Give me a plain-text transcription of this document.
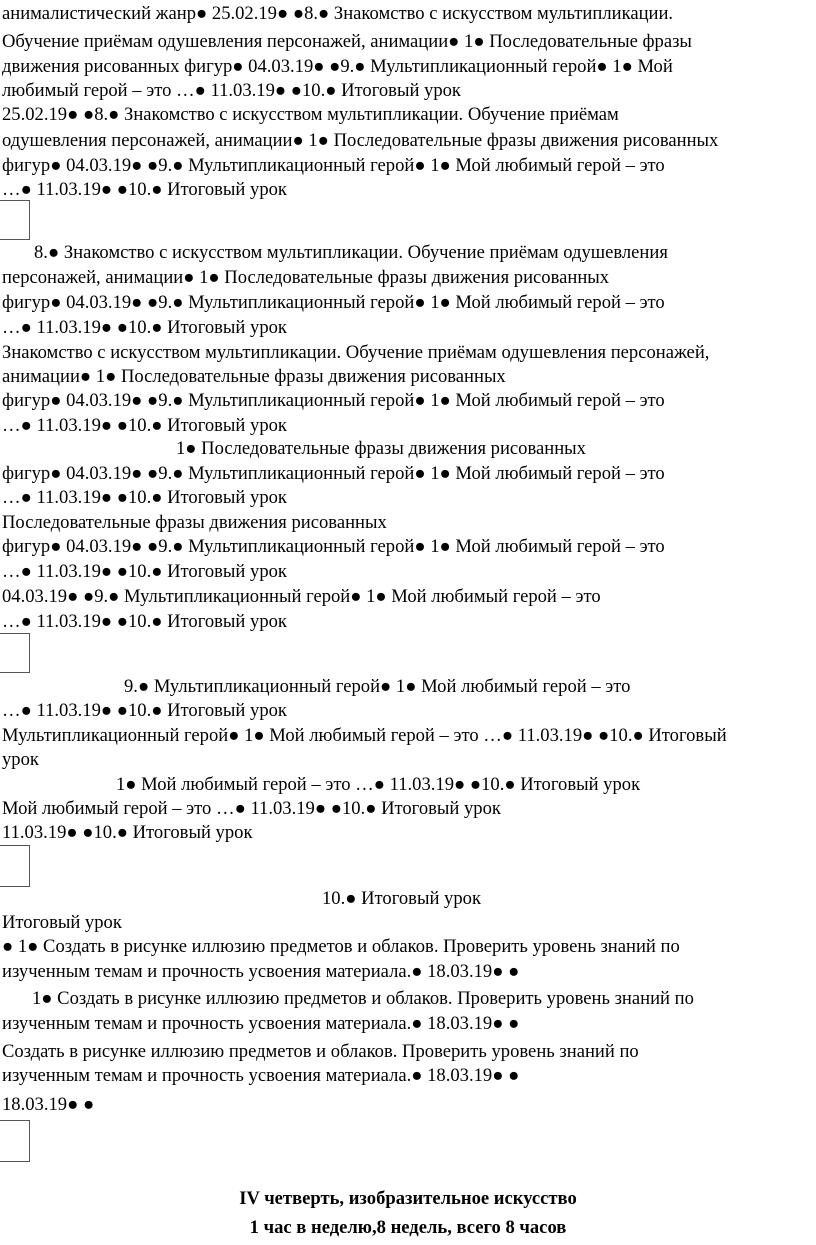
анималистический жанр● 25.02.19● ●8.● Знакомство с искусством мультипликации.
Обучение приёмам одушевления персонажей, анимации● 1● Последовательные фразы
движения рисованных фигур● 04.03.19● ●9.● Мультипликационный герой● 1● Мой
любимый герой – это …● 11.03.19● ●10.● Итоговый урок
25.02.19● ●8.● Знакомство с искусством мультипликации. Обучение приёмам
одушевления персонажей, анимации● 1● Последовательные фразы движения рисованных
фигур● 04.03.19● ●9.● Мультипликационный герой● 1● Мой любимый герой – это
…● 11.03.19● ●10.● Итоговый урок
8.● Знакомство с искусством мультипликации. Обучение приёмам одушевления
персонажей, анимации● 1● Последовательные фразы движения рисованных
фигур● 04.03.19● ●9.● Мультипликационный герой● 1● Мой любимый герой – это
…● 11.03.19● ●10.● Итоговый урок
Знакомство с искусством мультипликации. Обучение приёмам одушевления персонажей,
анимации● 1● Последовательные фразы движения рисованных
фигур● 04.03.19● ●9.● Мультипликационный герой● 1● Мой любимый герой – это
…● 11.03.19● ●10.● Итоговый урок
1● Последовательные фразы движения рисованных
фигур● 04.03.19● ●9.● Мультипликационный герой● 1● Мой любимый герой – это
…● 11.03.19● ●10.● Итоговый урок
Последовательные фразы движения рисованных
фигур● 04.03.19● ●9.● Мультипликационный герой● 1● Мой любимый герой – это
…● 11.03.19● ●10.● Итоговый урок
04.03.19● ●9.● Мультипликационный герой● 1● Мой любимый герой – это
…● 11.03.19● ●10.● Итоговый урок
9.● Мультипликационный герой● 1● Мой любимый герой – это
…● 11.03.19● ●10.● Итоговый урок
Мультипликационный герой● 1● Мой любимый герой – это …● 11.03.19● ●10.● Итоговый
урок
1● Мой любимый герой – это …● 11.03.19● ●10.● Итоговый урок
Мой любимый герой – это …● 11.03.19● ●10.● Итоговый урок
11.03.19● ●10.● Итоговый урок
10.● Итоговый урок
Итоговый урок
● 1● Создать в рисунке иллюзию предметов и облаков. Проверить уровень знаний по
изученным темам и прочность усвоения материала.● 18.03.19● ●
1● Создать в рисунке иллюзию предметов и облаков. Проверить уровень знаний по
изученным темам и прочность усвоения материала.● 18.03.19● ●
Создать в рисунке иллюзию предметов и облаков. Проверить уровень знаний по
изученным темам и прочность усвоения материала.● 18.03.19● ●
18.03.19● ●
IV четверть, изобразительное искусство
1 час в неделю,8 недель, всего 8 часов
